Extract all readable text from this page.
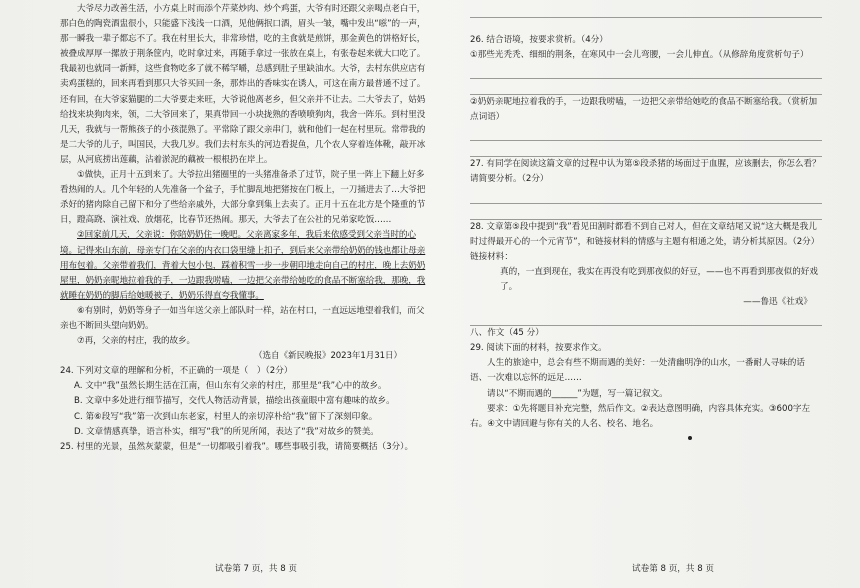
大爷尽力改善生活，小方桌上时而添个芹菜炒肉、炒个鸡蛋，大爷有时还跟父亲喝点老白干，那白色的陶瓷酒盅很小，只能盛下浅浅一口酒，见他俩抿口酒，眉头一皱，嘴中发出“嗞”的一声，那一瞬我一辈子都忘不了。我在村里长大，非常珍惜，吃的主食就是煎饼，那金黄色的饼格好长，被叠成厚厚一摞放于荆条筐内，吃时拿过来，再随手拿过一张放在桌上，有张卷起来就大口吃了。我最初也就同一新鲜，这些食物吃多了就不稀罕嚼，总感到肚子里缺油水。大爷，去村东供应店有卖鸡蛋糕的，回来再看到那只大爷买回一条，那炸出的香味实在诱人，可这在南方最普通不过了。还有回，在大爷家猫腿的二大爷要走来旺，大爷说他离老乡，但父亲并不让去。二大爷去了，姑妈给找来块狗肉来，领，二大爷回来了，果真带回一小块拢熟的香喷喷狗肉，我舍一阵乐。到村里没几天，我就与一帮熊孩子的小孩混熟了。平常除了跟父亲串门，就和他们一起在村里玩。常带我的是二大爷的儿子，叫国民，大我几岁。我们去村东头的河边看捉鱼，几个农人穿着连体靴，敲开冰层，从河底捞出莲藕，沾着淤泥的藕被一根根扔在岸上。

①做快，正月十五到来了。大爷拉出猪圈里的一头猪准备杀了过节，院子里一阵上下翻上好多看热闹的人。几个年轻的人先准备一个盆子，手忙脚乱地把猪按在门板上，一刀捅进去了…大爷把杀好的猪肉除自己留下和分了些给亲戚外，大部分拿到集上去卖了。正月十五在北方是个隆重的节日，蹬高跷、演社戏、放烟花，比春节还热闹。那天，大爷去了在公社的兄弟家吃饭……

②回家前几天，父亲说：你陪奶奶住一晚吧。父亲离家多年，我后来依感受到父亲当时的心境。记得来山东前，母亲专门在父亲的内衣口袋里缝上扣子，到后来父亲带给奶奶的钱也都让母亲用布包着。父亲带着我们，背着大包小包，踩着积雪一步一步朝印地走向自己的村庄，晚上去奶奶屋里，奶奶亲昵地拉着我的手，一边跟我唠嗑，一边把父亲带给她吃的食品不断塞给我，那晚，我就睡在奶奶的脚后给她暖被子，奶奶乐得直夸我懂事。

⑥有别时，奶奶等身子一如当年送父亲上部队时一样，站在村口，一直远远地望着我们，而父亲也不断回头望向奶奶。

⑦再，父亲的村庄，我的故乡。

（选自《新民晚报》2023年1月31日）

24. 下列对文章的理解和分析，不正确的一项是（　）（2分）

A. 文中“我”虽然长期生活在江南，但山东有父亲的村庄，那里是“我”心中的故乡。

B. 文章中多处进行细节描写，交代人物活动背景，描绘出孩童眼中富有趣味的故乡。

C. 第⑥段写“我”第一次到山东老家，村里人的亲切淳朴给“我”留下了深刻印象。

D. 文章情感真挚，语言朴实，细写“我”的所见所闻，表达了“我”对故乡的赞美。

25. 村里的光景，虽然灰蒙蒙，但是“一切都吸引着我”。哪些事吸引我，请简要概括（3分）。

26. 结合语境，按要求赏析。（4分）

①那些光秃秃、细细的荆条，在寒风中一会儿弯腰，一会儿伸直。（从修辞角度赏析句子）

②奶奶亲昵地拉着我的手，一边跟我唠嗑，一边把父亲带给她吃的食品不断塞给我。（赏析加点词语）

27. 有同学在阅读这篇文章的过程中认为第⑤段杀猪的场面过于血腥，应该删去，你怎么看？请简要分析。（2分）

28. 文章第⑤段中提到“我”看见田割时都看不到自己对人，但在文章结尾又说“这大概是我儿时过得最开心的一个元宵节”，和链接材料的情感与主题有相通之处，请分析其原因。（2分）

链接材料：

真的，一直到现在，我实在再没有吃到那夜似的好豆，——也不再看到那夜似的好戏了。

——鲁迅《社戏》

八、作文（45 分）

29. 阅读下面的材料，按要求作文。

人生的旅途中，总会有些不期而遇的美好：一处清幽明净的山水，一番耐人寻味的话语、一次难以忘怀的远足……

请以“不期而遇的______”为题，写一篇记叙文。

要求：①先将题目补充完整，然后作文。②表达意图明确，内容具体充实。③600字左右。④文中请回避与你有关的人名、校名、地名。

试卷第 7 页，共 8 页	试卷第 8 页，共 8 页
